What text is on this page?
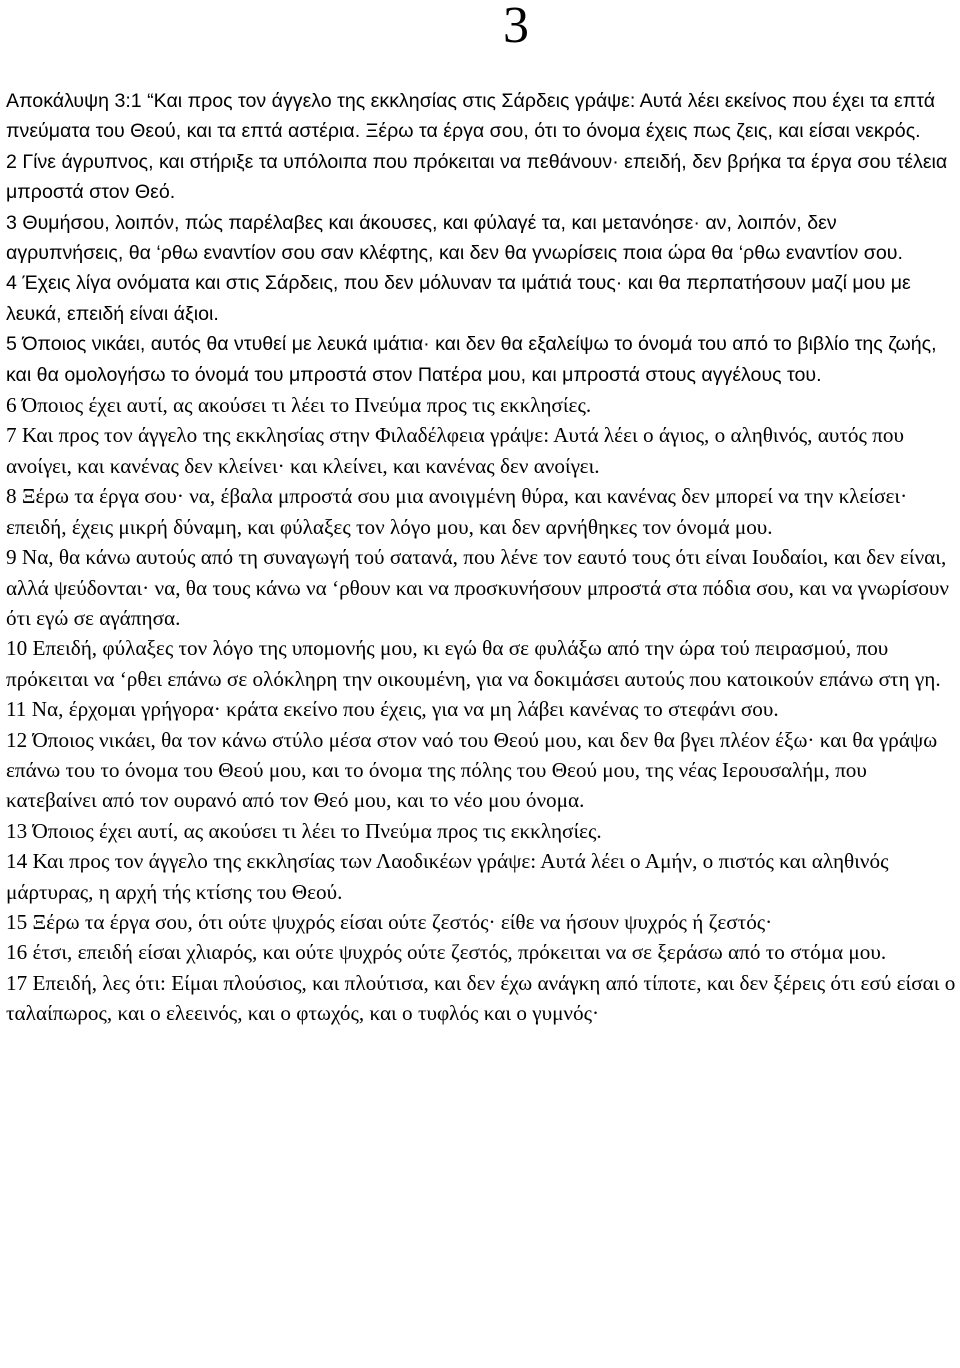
3

Αποκάλυψη 3:1 “Και προς τον άγγελο της εκκλησίας στις Σάρδεις γράψε: Αυτά λέει εκείνος που έχει τα επτά πνεύματα του Θεού, και τα επτά αστέρια. Ξέρω τα έργα σου, ότι το όνομα έχεις πως ζεις, και είσαι νεκρός.

2 Γίνε άγρυπνος, και στήριξε τα υπόλοιπα που πρόκειται να πεθάνουν· επειδή, δεν βρήκα τα έργα σου τέλεια μπροστά στον Θεό.

3 Θυμήσου, λοιπόν, πώς παρέλαβες και άκουσες, και φύλαγέ τα, και μετανόησε· αν, λοιπόν, δεν αγρυπνήσεις, θα ‘ρθω εναντίον σου σαν κλέφτης, και δεν θα γνωρίσεις ποια ώρα θα ‘ρθω εναντίον σου.

4 Έχεις λίγα ονόματα και στις Σάρδεις, που δεν μόλυναν τα ιμάτιά τους· και θα περπατήσουν μαζί μου με λευκά, επειδή είναι άξιοι.

5 Όποιος νικάει, αυτός θα ντυθεί με λευκά ιμάτια· και δεν θα εξαλείψω το όνομά του από το βιβλίο της ζωής, και θα ομολογήσω το όνομά του μπροστά στον Πατέρα μου, και μπροστά στους αγγέλους του.

6 Όποιος έχει αυτί, ας ακούσει τι λέει το Πνεύμα προς τις εκκλησίες.

7 Και προς τον άγγελο της εκκλησίας στην Φιλαδέλφεια γράψε: Αυτά λέει ο άγιος, ο αληθινός, αυτός που ανοίγει, και κανένας δεν κλείνει· και κλείνει, και κανένας δεν ανοίγει.

8 Ξέρω τα έργα σου· να, έβαλα μπροστά σου μια ανοιγμένη θύρα, και κανένας δεν μπορεί να την κλείσει· επειδή, έχεις μικρή δύναμη, και φύλαξες τον λόγο μου, και δεν αρνήθηκες τον όνομά μου.

9 Να, θα κάνω αυτούς από τη συναγωγή τού σατανά, που λένε τον εαυτό τους ότι είναι Ιουδαίοι, και δεν είναι, αλλά ψεύδονται· να, θα τους κάνω να ‘ρθουν και να προσκυνήσουν μπροστά στα πόδια σου, και να γνωρίσουν ότι εγώ σε αγάπησα.

10 Επειδή, φύλαξες τον λόγο της υπομονής μου, κι εγώ θα σε φυλάξω από την ώρα τού πειρασμού, που πρόκειται να ‘ρθει επάνω σε ολόκληρη την οικουμένη, για να δοκιμάσει αυτούς που κατοικούν επάνω στη γη.

11 Να, έρχομαι γρήγορα· κράτα εκείνο που έχεις, για να μη λάβει κανένας το στεφάνι σου.

12 Όποιος νικάει, θα τον κάνω στύλο μέσα στον ναό του Θεού μου, και δεν θα βγει πλέον έξω· και θα γράψω επάνω του το όνομα του Θεού μου, και το όνομα της πόλης του Θεού μου, της νέας Ιερουσαλήμ, που κατεβαίνει από τον ουρανό από τον Θεό μου, και το νέο μου όνομα.

13 Όποιος έχει αυτί, ας ακούσει τι λέει το Πνεύμα προς τις εκκλησίες.

14 Και προς τον άγγελο της εκκλησίας των Λαοδικέων γράψε: Αυτά λέει ο Αμήν, ο πιστός και αληθινός μάρτυρας, η αρχή τής κτίσης του Θεού.

15 Ξέρω τα έργα σου, ότι ούτε ψυχρός είσαι ούτε ζεστός· είθε να ήσουν ψυχρός ή ζεστός·

16 έτσι, επειδή είσαι χλιαρός, και ούτε ψυχρός ούτε ζεστός, πρόκειται να σε ξεράσω από το στόμα μου.

17 Επειδή, λες ότι: Είμαι πλούσιος, και πλούτισα, και δεν έχω ανάγκη από τίποτε, και δεν ξέρεις ότι εσύ είσαι ο ταλαίπωρος, και ο ελεεινός, και ο φτωχός, και ο τυφλός και ο γυμνός·
